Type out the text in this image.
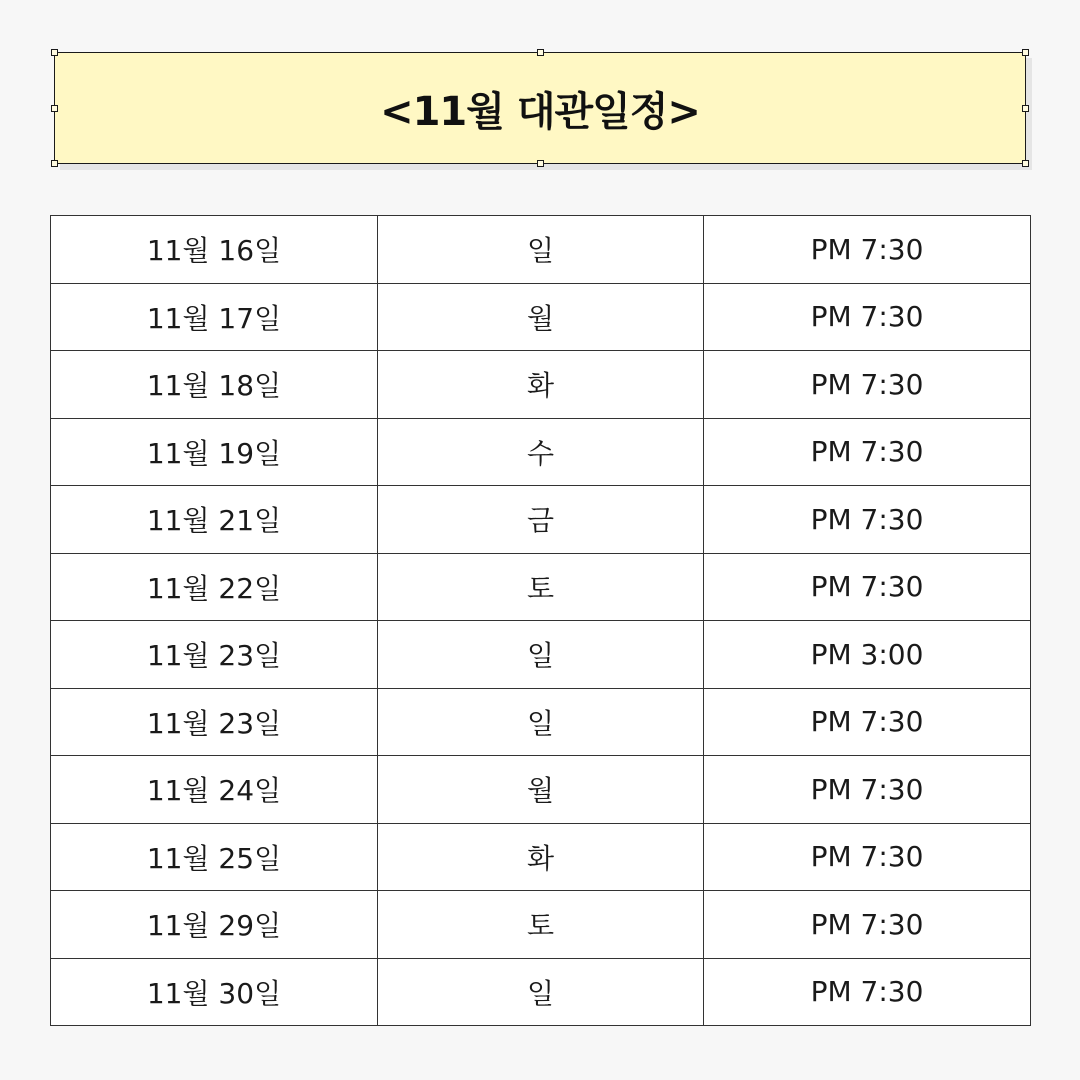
<11월 대관일정>
11월 16일	일	PM 7:30
11월 17일	월	PM 7:30
11월 18일	화	PM 7:30
11월 19일	수	PM 7:30
11월 21일	금	PM 7:30
11월 22일	토	PM 7:30
11월 23일	일	PM 3:00
11월 23일	일	PM 7:30
11월 24일	월	PM 7:30
11월 25일	화	PM 7:30
11월 29일	토	PM 7:30
11월 30일	일	PM 7:30
